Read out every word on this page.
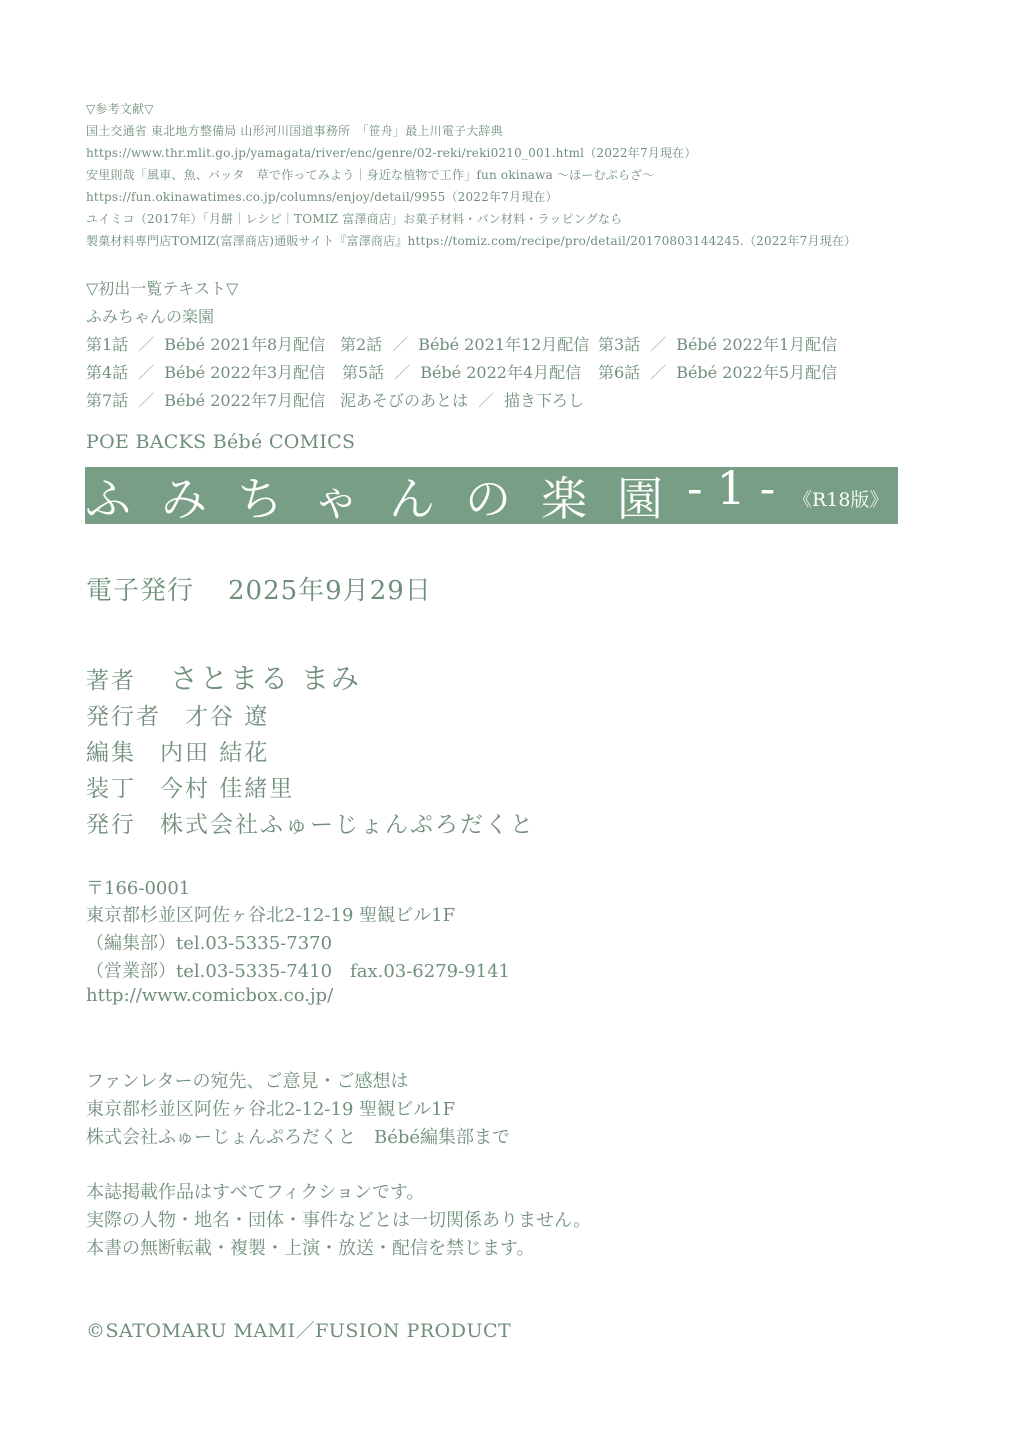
▽参考文献▽
国土交通省 東北地方整備局 山形河川国道事務所　「笹舟」最上川電子大辞典
https://www.thr.mlit.go.jp/yamagata/river/enc/genre/02-reki/reki0210_001.html（2022年7月現在）
安里則哉「風車、魚、バッタ　草で作ってみよう｜身近な植物で工作」fun okinawa 〜ほーむぷらざ〜
https://fun.okinawatimes.co.jp/columns/enjoy/detail/9955（2022年7月現在）
ユイミコ（2017年）「月餅｜レシピ｜TOMIZ 富澤商店」お菓子材料・パン材料・ラッピングなら
製菓材料専門店TOMIZ(富澤商店)通販サイト『富澤商店』https://tomiz.com/recipe/pro/detail/20170803144245.（2022年7月現在）
▽初出一覧テキスト▽
ふみちゃんの楽園
第1話 ／ Bébé 2021年8月配信 第2話 ／ Bébé 2021年12月配信 第3話 ／ Bébé 2022年1月配信
第4話 ／ Bébé 2022年3月配信 第5話 ／ Bébé 2022年4月配信 第6話 ／ Bébé 2022年5月配信
第7話 ／ Bébé 2022年7月配信 泥あそびのあとは ／ 描き下ろし
POE BACKS Bébé COMICS
ふみちゃんの楽園
-1- 《R18版》
電子発行 2025年9月29日
著者 さとまる まみ
発行者 才谷 遼
編集 内田 結花
装丁 今村 佳緒里
発行 株式会社ふゅーじょんぷろだくと
〒166-0001
東京都杉並区阿佐ヶ谷北2-12-19 聖観ビル1F
（編集部）tel.03-5335-7370
（営業部）tel.03-5335-7410　fax.03-6279-9141
http://www.comicbox.co.jp/
ファンレターの宛先、ご意見・ご感想は
東京都杉並区阿佐ヶ谷北2-12-19 聖観ビル1F
株式会社ふゅーじょんぷろだくと　Bébé編集部まで
本誌掲載作品はすべてフィクションです。
実際の人物・地名・団体・事件などとは一切関係ありません。
本書の無断転載・複製・上演・放送・配信を禁じます。
©SATOMARU MAMI／FUSION PRODUCT
